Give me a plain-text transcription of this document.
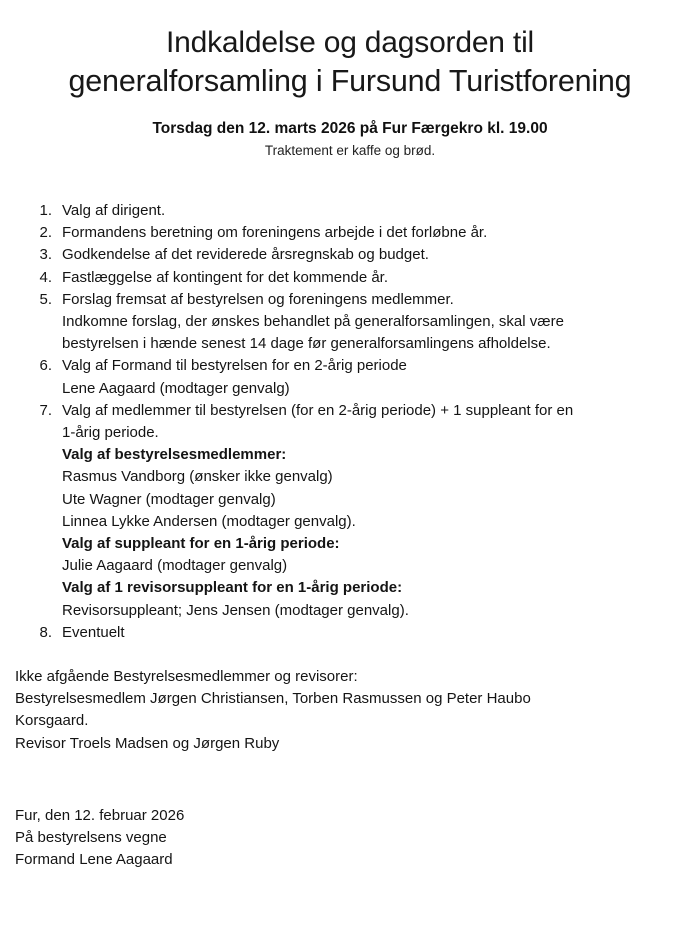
Indkaldelse og dagsorden til
generalforsamling i Fursund Turistforening
Torsdag den 12. marts 2026 på Fur Færgekro kl. 19.00
Traktement er kaffe og brød.
1. Valg af dirigent.
2. Formandens beretning om foreningens arbejde i det forløbne år.
3. Godkendelse af det reviderede årsregnskab og budget.
4. Fastlæggelse af kontingent for det kommende år.
5. Forslag fremsat af bestyrelsen og foreningens medlemmer.
Indkomne forslag, der ønskes behandlet på generalforsamlingen, skal være
bestyrelsen i hænde senest 14 dage før generalforsamlingens afholdelse.
6. Valg af Formand til bestyrelsen for en 2-årig periode
Lene Aagaard (modtager genvalg)
7. Valg af medlemmer til bestyrelsen (for en 2-årig periode) + 1 suppleant for en
1-årig periode.
Valg af bestyrelsesmedlemmer:
Rasmus Vandborg (ønsker ikke genvalg)
Ute Wagner (modtager genvalg)
Linnea Lykke Andersen (modtager genvalg).
Valg af suppleant for en 1-årig periode:
Julie Aagaard (modtager genvalg)
Valg af 1 revisorsuppleant for en 1-årig periode:
Revisorsuppleant; Jens Jensen (modtager genvalg).
8. Eventuelt
Ikke afgående Bestyrelsesmedlemmer og revisorer:
Bestyrelsesmedlem Jørgen Christiansen, Torben Rasmussen og Peter Haubo
Korsgaard.
Revisor Troels Madsen og Jørgen Ruby
Fur, den 12. februar 2026
På bestyrelsens vegne
Formand Lene Aagaard
